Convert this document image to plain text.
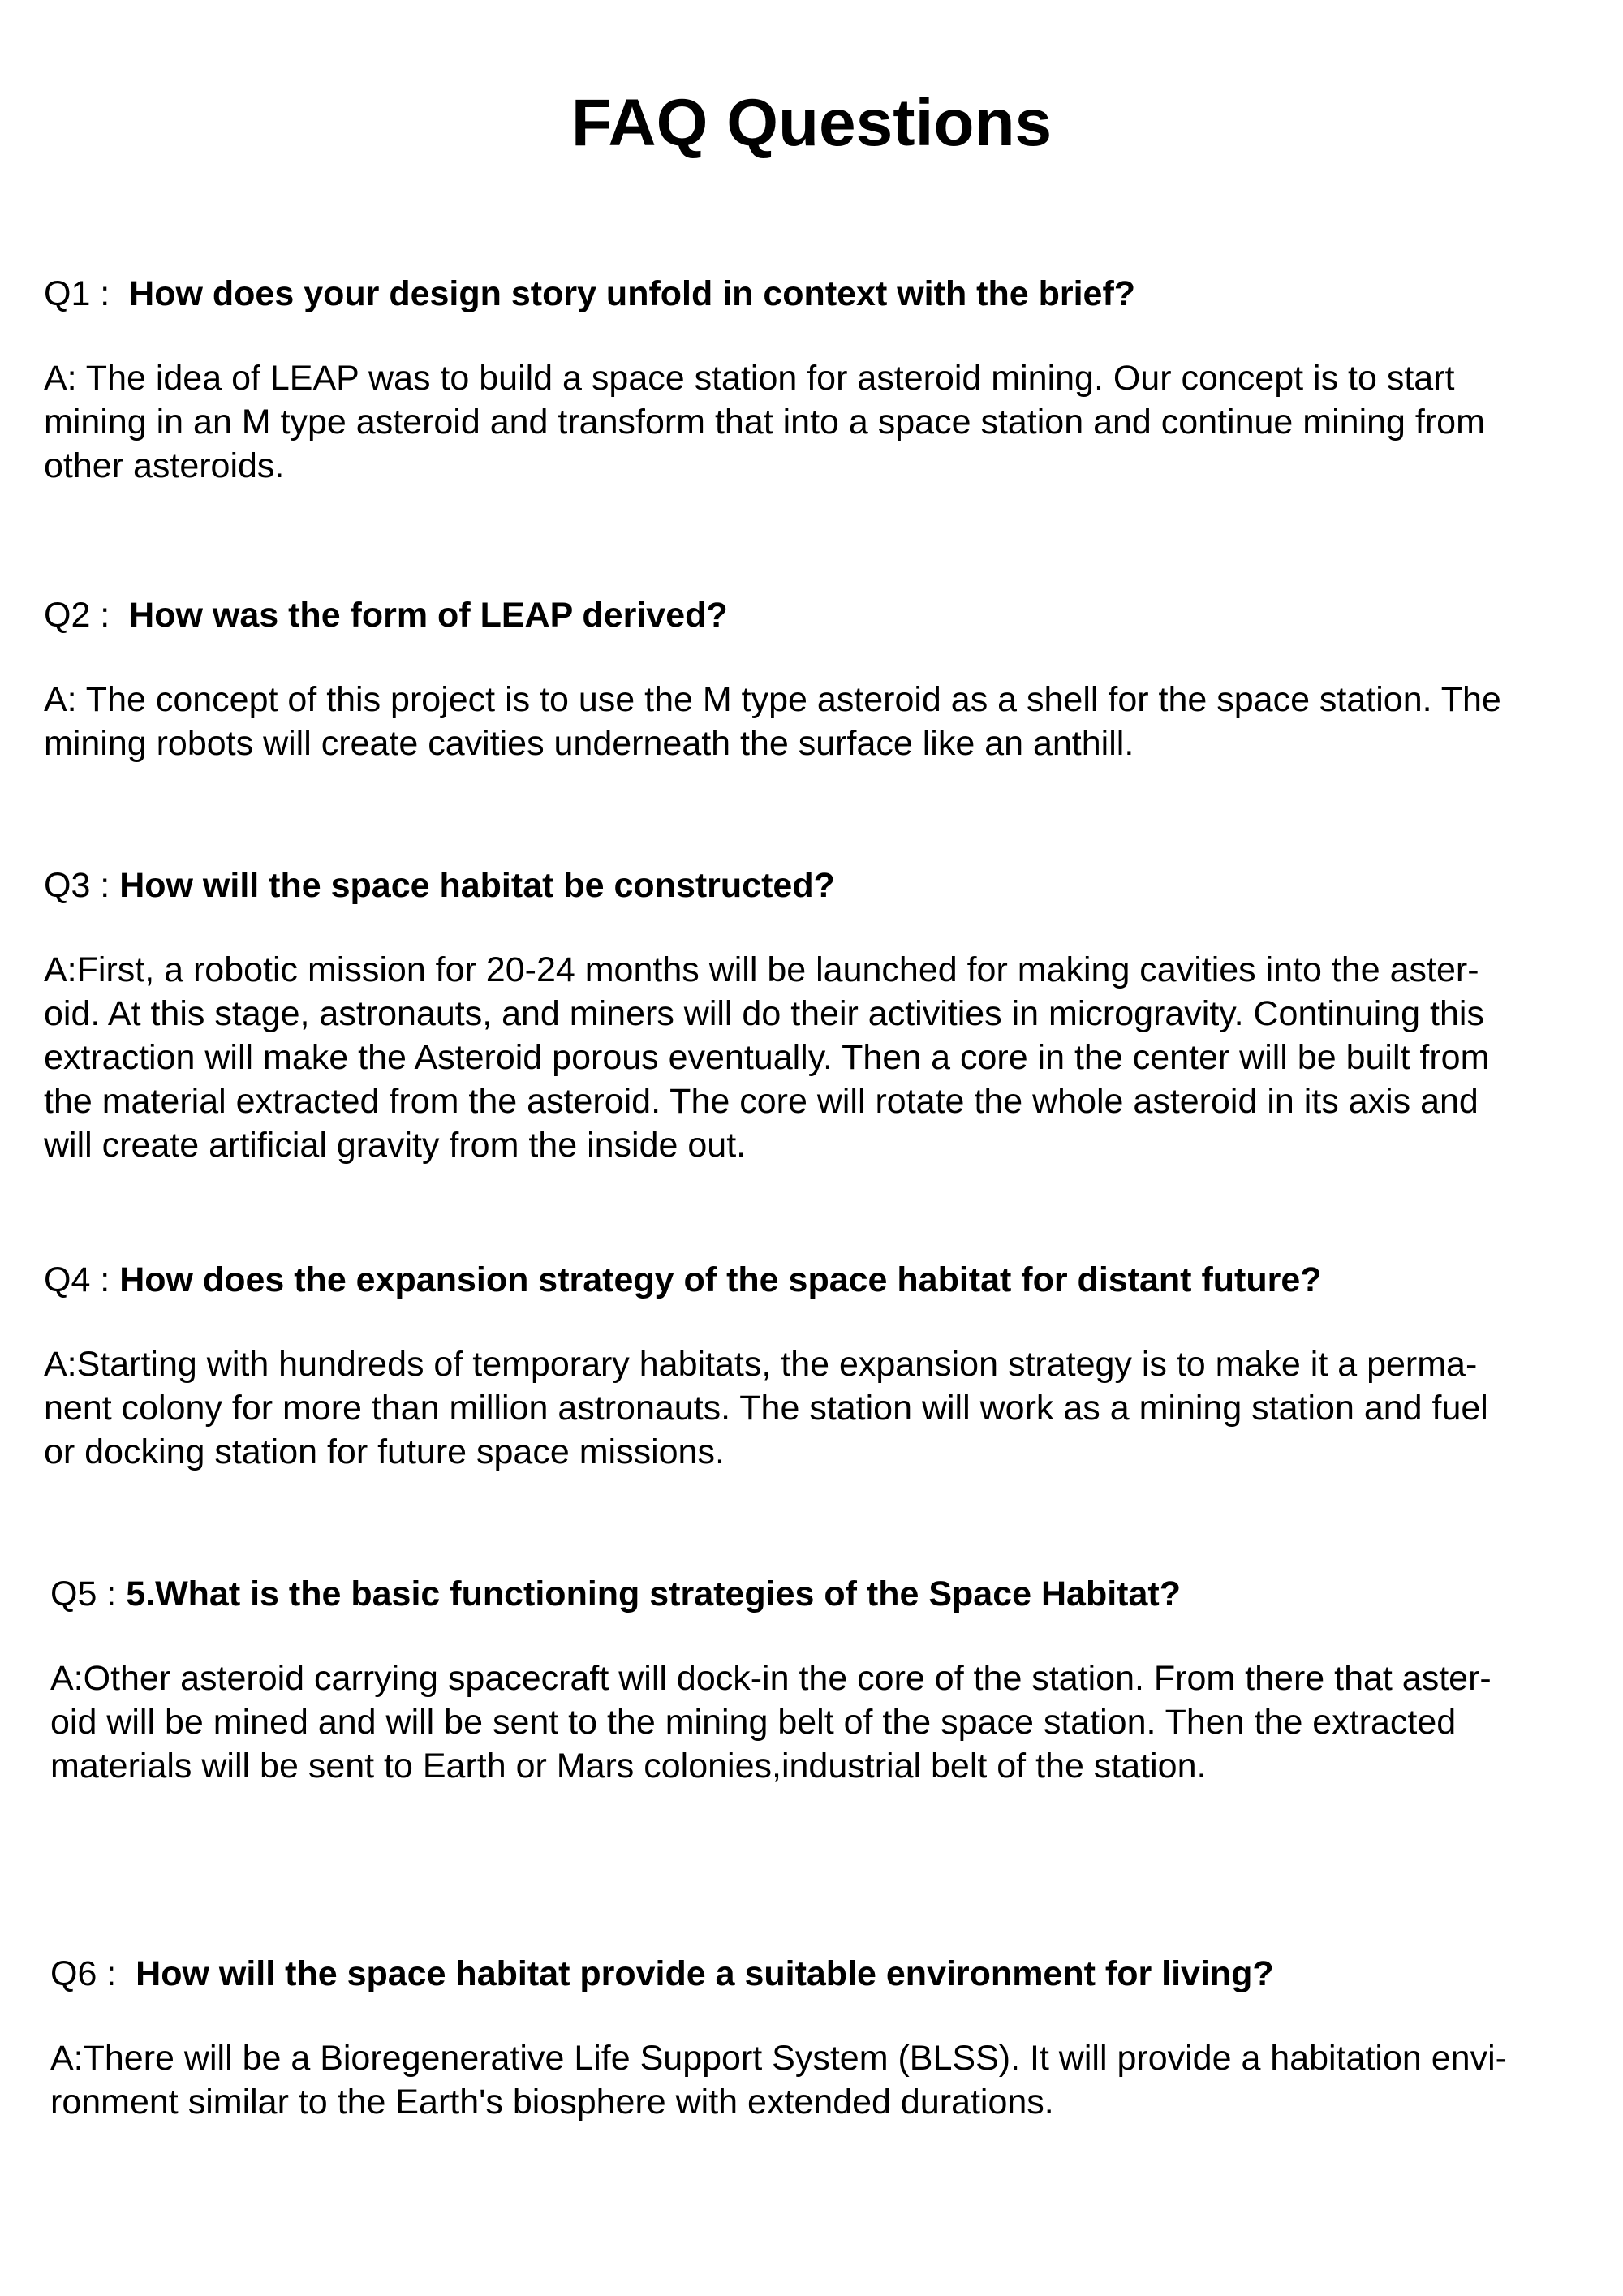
FAQ Questions

Q1 : How does your design story unfold in context with the brief?

A: The idea of LEAP was to build a space station for asteroid mining. Our concept is to start
mining in an M type asteroid and transform that into a space station and continue mining from
other asteroids.

Q2 : How was the form of LEAP derived?

A: The concept of this project is to use the M type asteroid as a shell for the space station. The
mining robots will create cavities underneath the surface like an anthill.

Q3 : How will the space habitat be constructed?

A:First, a robotic mission for 20-24 months will be launched for making cavities into the aster-
oid. At this stage, astronauts, and miners will do their activities in microgravity. Continuing this
extraction will make the Asteroid porous eventually. Then a core in the center will be built from
the material extracted from the asteroid. The core will rotate the whole asteroid in its axis and
will create artificial gravity from the inside out.

Q4 : How does the expansion strategy of the space habitat for distant future?

A:Starting with hundreds of temporary habitats, the expansion strategy is to make it a perma-
nent colony for more than million astronauts. The station will work as a mining station and fuel
or docking station for future space missions.

Q5 : 5.What is the basic functioning strategies of the Space Habitat?

A:Other asteroid carrying spacecraft will dock-in the core of the station. From there that aster-
oid will be mined and will be sent to the mining belt of the space station. Then the extracted
materials will be sent to Earth or Mars colonies,industrial belt of the station.

Q6 : How will the space habitat provide a suitable environment for living?

A:There will be a Bioregenerative Life Support System (BLSS). It will provide a habitation envi-
ronment similar to the Earth's biosphere with extended durations.
